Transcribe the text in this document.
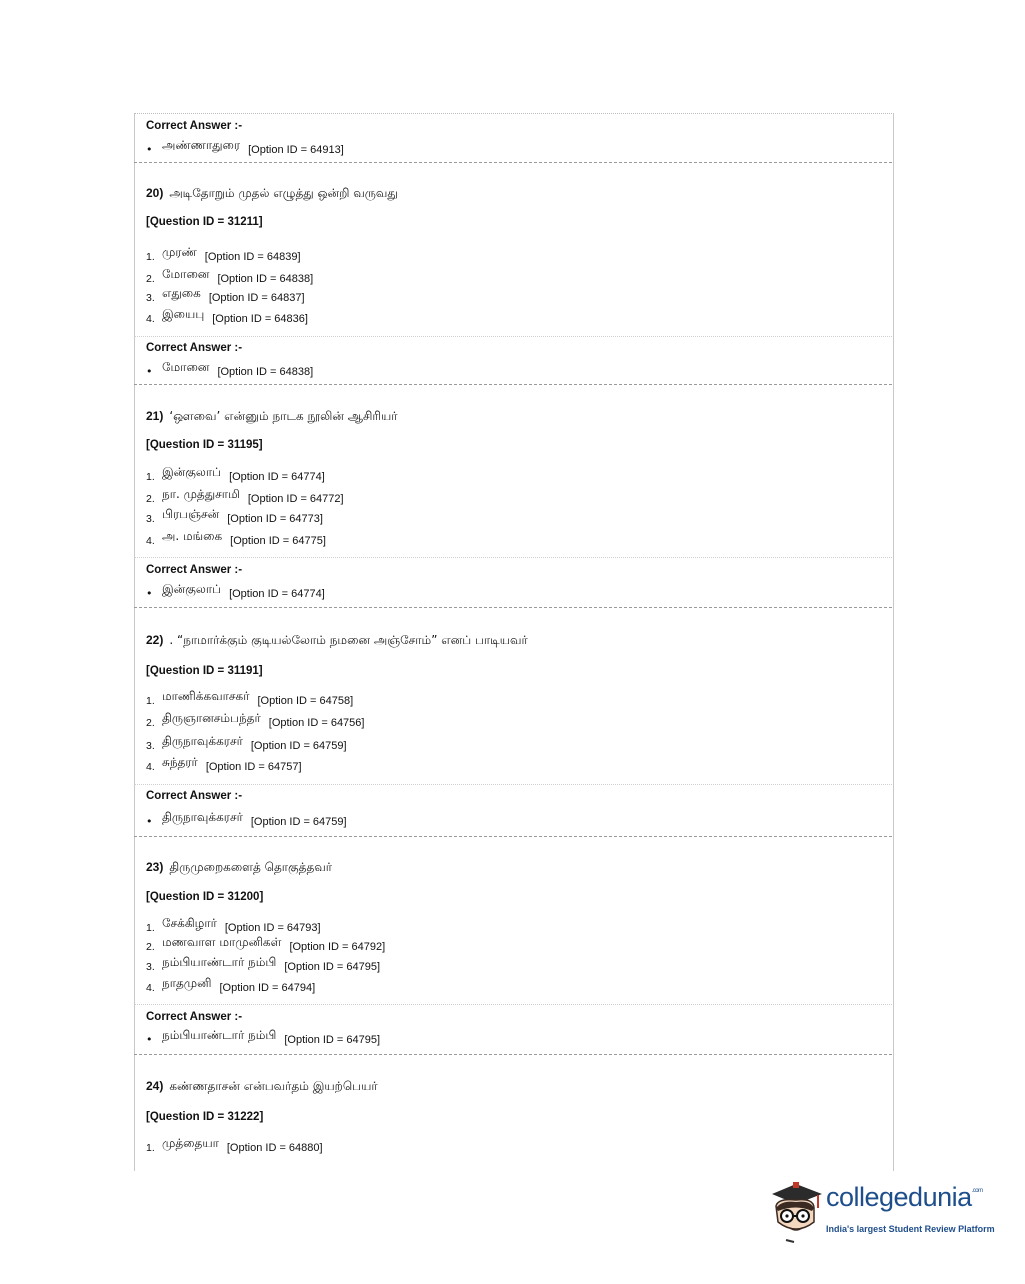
Correct Answer :-
• அண்ணாதுரை [Option ID = 64913]
20) அடிதோறும் முதல் எழுத்து ஒன்றி வருவது
[Question ID = 31211]
1. முரண் [Option ID = 64839]
2. மோனை [Option ID = 64838]
3. எதுகை [Option ID = 64837]
4. இயைபு [Option ID = 64836]
Correct Answer :-
• மோனை [Option ID = 64838]
21) ‘ஔவை’ என்னும் நாடக நூலின் ஆசிரியர்
[Question ID = 31195]
1. இன்குலாப் [Option ID = 64774]
2. நா. முத்துசாமி [Option ID = 64772]
3. பிரபஞ்சன் [Option ID = 64773]
4. அ. மங்கை [Option ID = 64775]
Correct Answer :-
• இன்குலாப் [Option ID = 64774]
22) . “நாமார்க்கும் குடியல்லோம் நமனை அஞ்சோம்” எனப் பாடியவர்
[Question ID = 31191]
1. மாணிக்கவாசகர் [Option ID = 64758]
2. திருஞானசம்பந்தர் [Option ID = 64756]
3. திருநாவுக்கரசர் [Option ID = 64759]
4. சுந்தரர் [Option ID = 64757]
Correct Answer :-
• திருநாவுக்கரசர் [Option ID = 64759]
23) திருமுறைகளைத் தொகுத்தவர்
[Question ID = 31200]
1. சேக்கிழார் [Option ID = 64793]
2. மணவாள மாமுனிகள் [Option ID = 64792]
3. நம்பியாண்டார் நம்பி [Option ID = 64795]
4. நாதமுனி [Option ID = 64794]
Correct Answer :-
• நம்பியாண்டார் நம்பி [Option ID = 64795]
24) கண்ணதாசன் என்பவர்தம் இயற்பெயர்
[Question ID = 31222]
1. முத்தையா [Option ID = 64880]
collegedunia$^{.com}$
India's largest Student Review Platform
